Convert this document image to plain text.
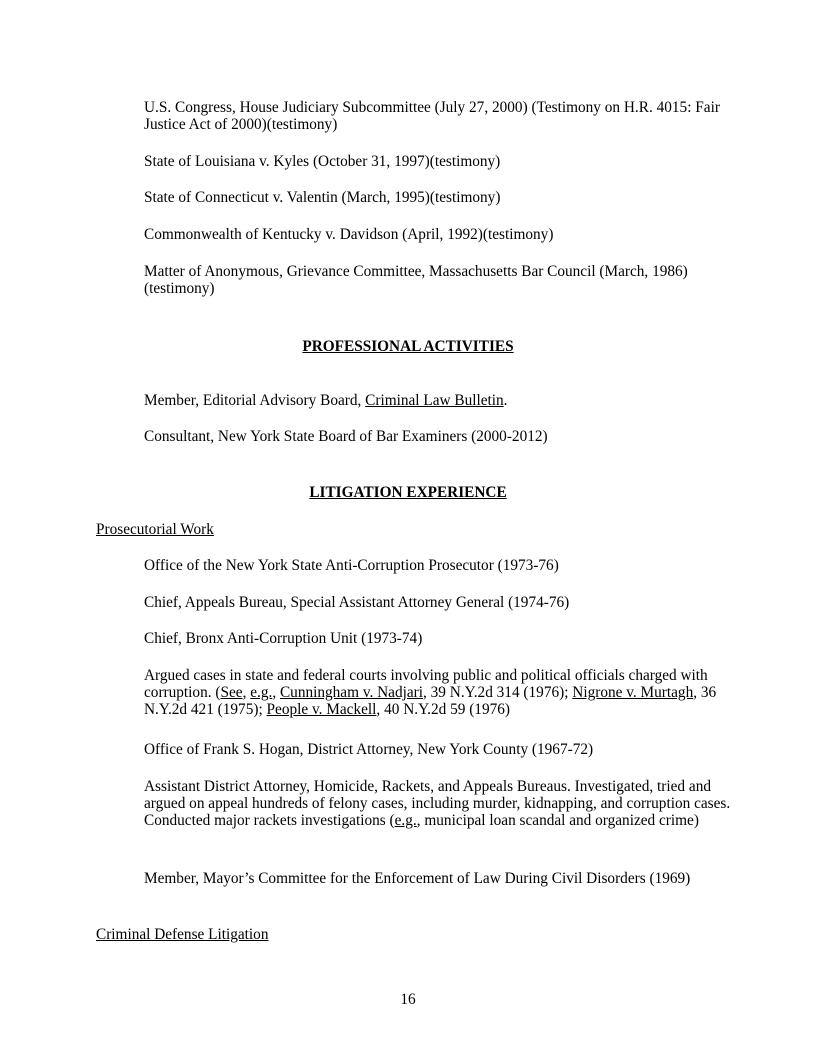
U.S. Congress, House Judiciary Subcommittee (July 27, 2000) (Testimony on H.R. 4015: Fair Justice Act of 2000)(testimony)

State of Louisiana v. Kyles (October 31, 1997)(testimony)

State of Connecticut v. Valentin (March, 1995)(testimony)

Commonwealth of Kentucky v. Davidson (April, 1992)(testimony)

Matter of Anonymous, Grievance Committee, Massachusetts Bar Council (March, 1986)(testimony)

PROFESSIONAL ACTIVITIES

Member, Editorial Advisory Board, Criminal Law Bulletin.

Consultant, New York State Board of Bar Examiners (2000-2012)

LITIGATION EXPERIENCE

Prosecutorial Work

Office of the New York State Anti-Corruption Prosecutor (1973-76)

Chief, Appeals Bureau, Special Assistant Attorney General (1974-76)

Chief, Bronx Anti-Corruption Unit (1973-74)

Argued cases in state and federal courts involving public and political officials charged with corruption. (See, e.g., Cunningham v. Nadjari, 39 N.Y.2d 314 (1976); Nigrone v. Murtagh, 36 N.Y.2d 421 (1975); People v. Mackell, 40 N.Y.2d 59 (1976)

Office of Frank S. Hogan, District Attorney, New York County (1967-72)

Assistant District Attorney, Homicide, Rackets, and Appeals Bureaus. Investigated, tried and argued on appeal hundreds of felony cases, including murder, kidnapping, and corruption cases. Conducted major rackets investigations (e.g., municipal loan scandal and organized crime)

Member, Mayor’s Committee for the Enforcement of Law During Civil Disorders (1969)

Criminal Defense Litigation

16
